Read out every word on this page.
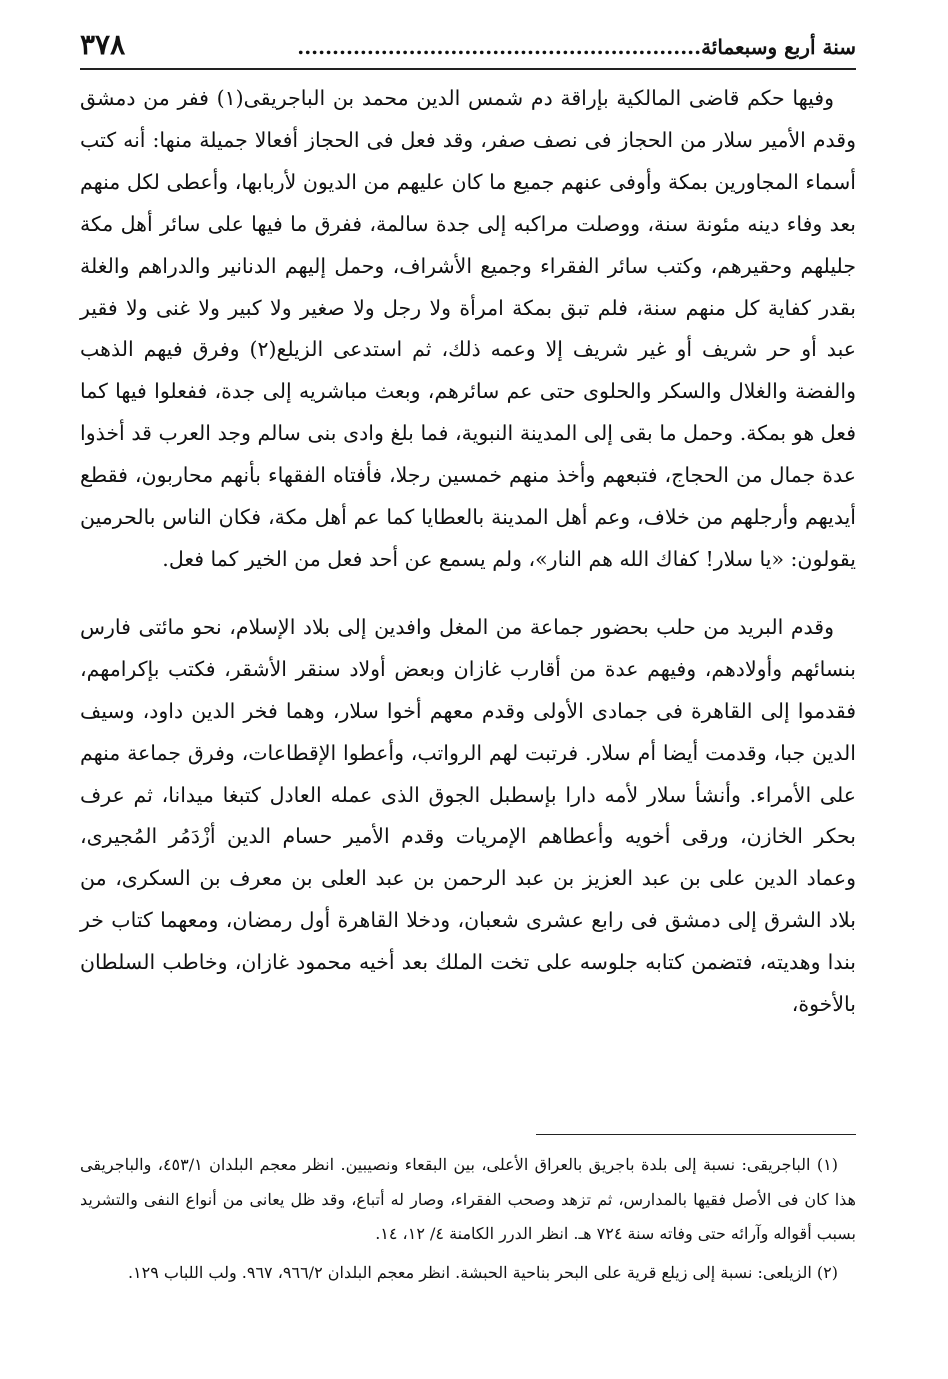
سنة أربع وسبعمائة..........................................................
٣٧٨

وفيها حكم قاضى المالكية بإراقة دم شمس الدين محمد بن الباجريقى(١) ففر من دمشق وقدم الأمير سلار من الحجاز فى نصف صفر، وقد فعل فى الحجاز أفعالا جميلة منها: أنه كتب أسماء المجاورين بمكة وأوفى عنهم جميع ما كان عليهم من الديون لأربابها، وأعطى لكل منهم بعد وفاء دينه مئونة سنة، ووصلت مراكبه إلى جدة سالمة، ففرق ما فيها على سائر أهل مكة جليلهم وحقيرهم، وكتب سائر الفقراء وجميع الأشراف، وحمل إليهم الدنانير والدراهم والغلة بقدر كفاية كل منهم سنة، فلم تبق بمكة امرأة ولا رجل ولا صغير ولا كبير ولا غنى ولا فقير عبد أو حر شريف أو غير شريف إلا وعمه ذلك، ثم استدعى الزيلع(٢) وفرق فيهم الذهب والفضة والغلال والسكر والحلوى حتى عم سائرهم، وبعث مباشريه إلى جدة، ففعلوا فيها كما فعل هو بمكة. وحمل ما بقى إلى المدينة النبوية، فما بلغ وادى بنى سالم وجد العرب قد أخذوا عدة جمال من الحجاج، فتبعهم وأخذ منهم خمسين رجلا، فأفتاه الفقهاء بأنهم محاربون، فقطع أيديهم وأرجلهم من خلاف، وعم أهل المدينة بالعطايا كما عم أهل مكة، فكان الناس بالحرمين يقولون: «يا سلار! كفاك الله هم النار»، ولم يسمع عن أحد فعل من الخير كما فعل.

وقدم البريد من حلب بحضور جماعة من المغل وافدين إلى بلاد الإسلام، نحو مائتى فارس بنسائهم وأولادهم، وفيهم عدة من أقارب غازان وبعض أولاد سنقر الأشقر، فكتب بإكرامهم، فقدموا إلى القاهرة فى جمادى الأولى وقدم معهم أخوا سلار، وهما فخر الدين داود، وسيف الدين جبا، وقدمت أيضا أم سلار. فرتبت لهم الرواتب، وأعطوا الإقطاعات، وفرق جماعة منهم على الأمراء. وأنشأ سلار لأمه دارا بإسطبل الجوق الذى عمله العادل كتبغا ميدانا، ثم عرف بحكر الخازن، ورقى أخويه وأعطاهم الإمريات وقدم الأمير حسام الدين أزْدَمُر المُجيرى، وعماد الدين على بن عبد العزيز بن عبد الرحمن بن عبد العلى بن معرف بن السكرى، من بلاد الشرق إلى دمشق فى رابع عشرى شعبان، ودخلا القاهرة أول رمضان، ومعهما كتاب خر بندا وهديته، فتضمن كتابه جلوسه على تخت الملك بعد أخيه محمود غازان، وخاطب السلطان بالأخوة،

(١) الباجريقى: نسبة إلى بلدة باجريق بالعراق الأعلى، بين البقعاء ونصيبين. انظر معجم البلدان ٤٥٣/١، والباجريقى هذا كان فى الأصل فقيها بالمدارس، ثم تزهد وصحب الفقراء، وصار له أتباع، وقد ظل يعانى من أنواع النفى والتشريد بسبب أقواله وآرائه حتى وفاته سنة ٧٢٤ هـ. انظر الدرر الكامنة ٤/ ١٢، ١٤.

(٢) الزيلعى: نسبة إلى زيلع قرية على البحر بناحية الحبشة. انظر معجم البلدان ٩٦٦/٢، ٩٦٧. ولب اللباب ١٢٩.
